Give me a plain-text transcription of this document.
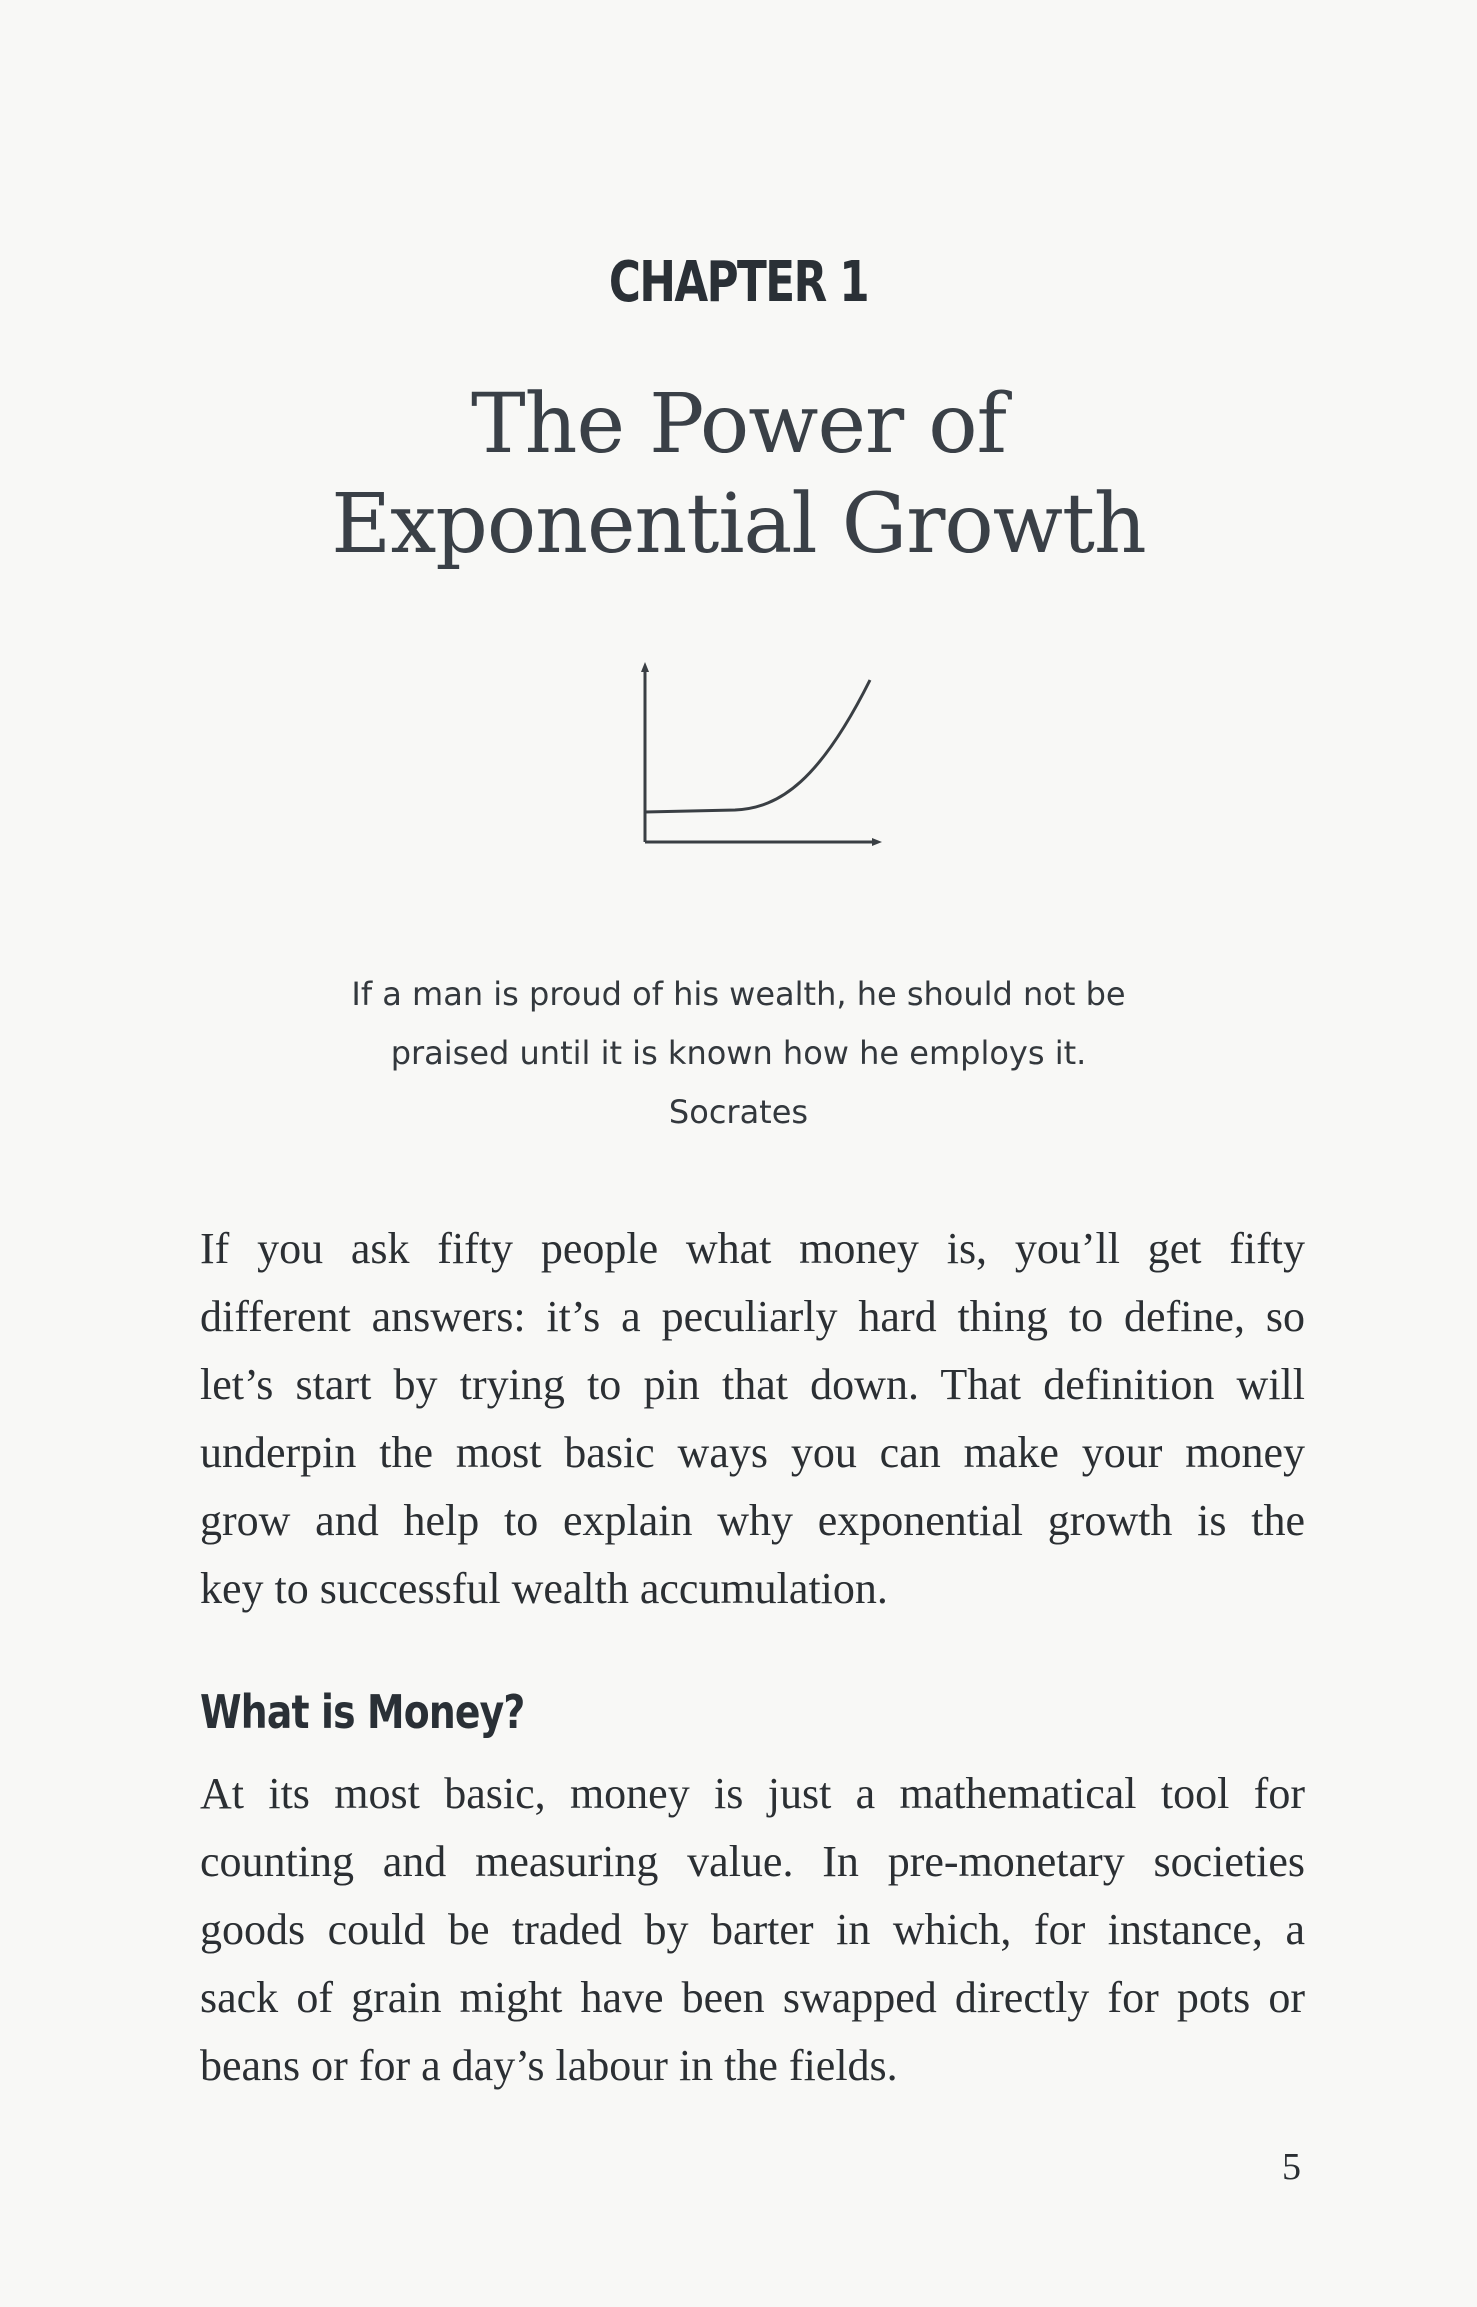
CHAPTER 1
The Power of
Exponential Growth
If a man is proud of his wealth, he should not be
praised until it is known how he employs it.
Socrates
If you ask fifty people what money is, you’ll get fifty
different answers: it’s a peculiarly hard thing to define, so
let’s start by trying to pin that down. That definition will
underpin the most basic ways you can make your money
grow and help to explain why exponential growth is the
key to successful wealth accumulation.
What is Money?
At its most basic, money is just a mathematical tool for
counting and measuring value. In pre-monetary societies
goods could be traded by barter in which, for instance, a
sack of grain might have been swapped directly for pots or
beans or for a day’s labour in the fields.
5
